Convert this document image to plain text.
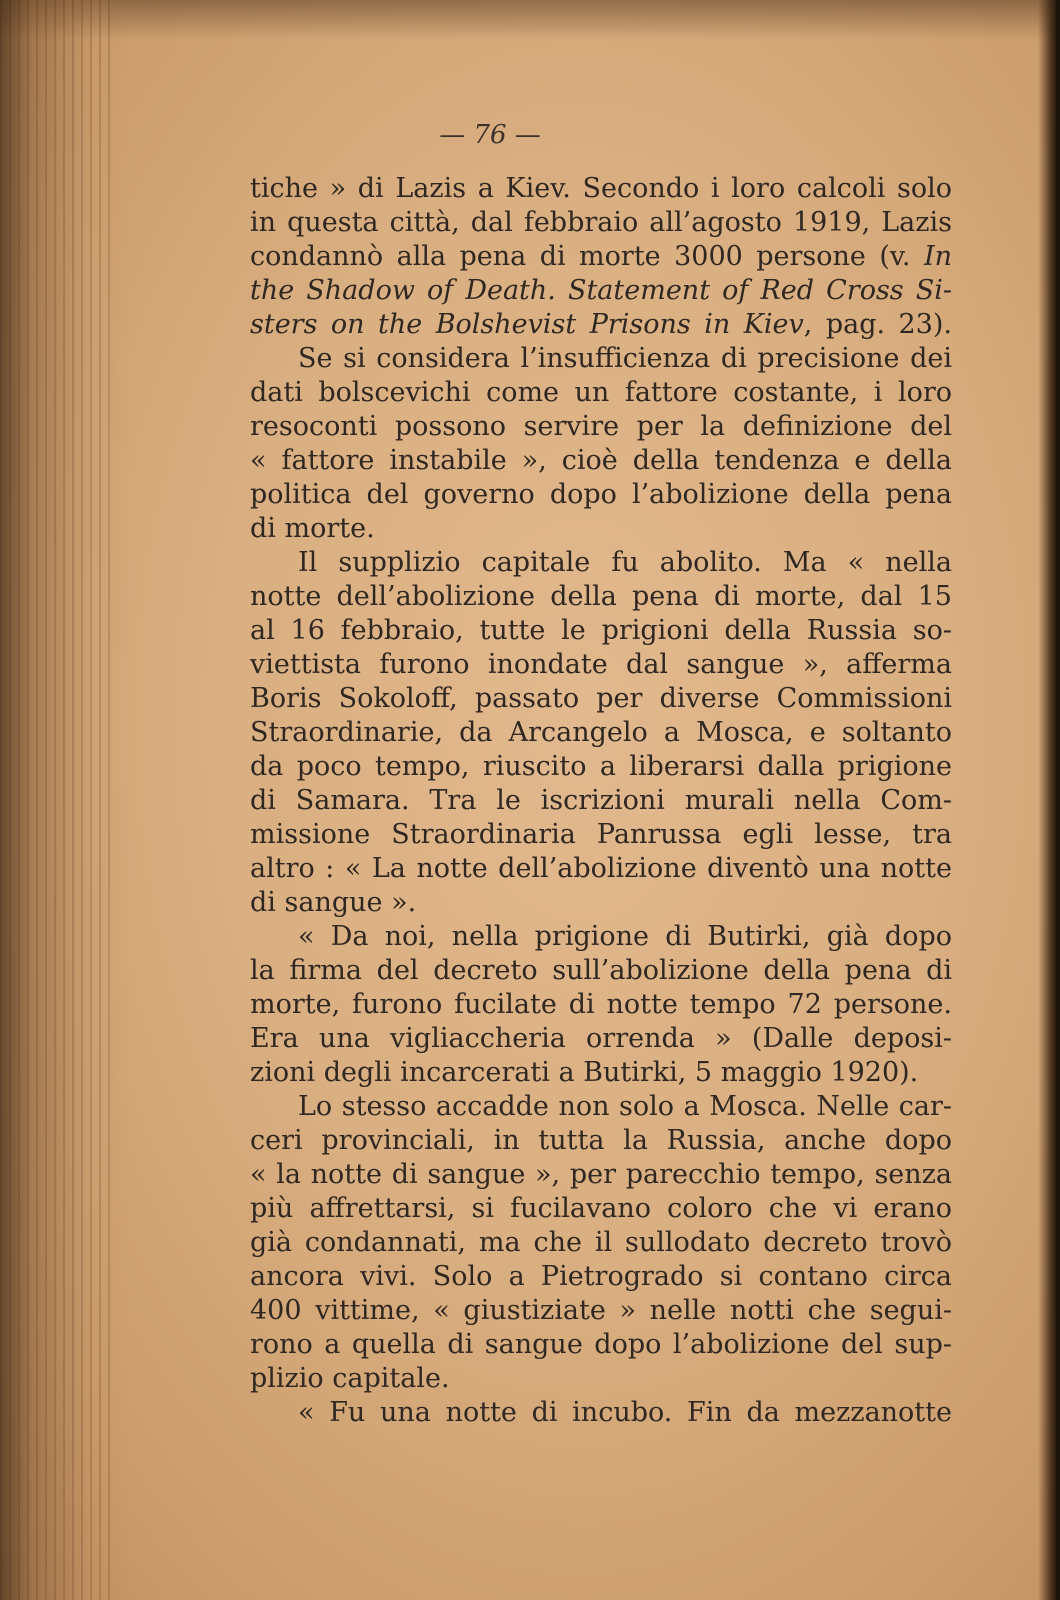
— 76 —
tiche » di Lazis a Kiev. Secondo i loro calcoli solo
in questa città, dal febbraio all’agosto 1919, Lazis
condannò alla pena di morte 3000 persone (v. In
the Shadow of Death. Statement of Red Cross Si-
sters on the Bolshevist Prisons in Kiev, pag. 23).
Se si considera l’insufficienza di precisione dei
dati bolscevichi come un fattore costante, i loro
resoconti possono servire per la definizione del
« fattore instabile », cioè della tendenza e della
politica del governo dopo l’abolizione della pena
di morte.
Il supplizio capitale fu abolito. Ma « nella
notte dell’abolizione della pena di morte, dal 15
al 16 febbraio, tutte le prigioni della Russia so-
viettista furono inondate dal sangue », afferma
Boris Sokoloff, passato per diverse Commissioni
Straordinarie, da Arcangelo a Mosca, e soltanto
da poco tempo, riuscito a liberarsi dalla prigione
di Samara. Tra le iscrizioni murali nella Com-
missione Straordinaria Panrussa egli lesse, tra
altro : « La notte dell’abolizione diventò una notte
di sangue ».
« Da noi, nella prigione di Butirki, già dopo
la firma del decreto sull’abolizione della pena di
morte, furono fucilate di notte tempo 72 persone.
Era una vigliaccheria orrenda » (Dalle deposi-
zioni degli incarcerati a Butirki, 5 maggio 1920).
Lo stesso accadde non solo a Mosca. Nelle car-
ceri provinciali, in tutta la Russia, anche dopo
« la notte di sangue », per parecchio tempo, senza
più affrettarsi, si fucilavano coloro che vi erano
già condannati, ma che il sullodato decreto trovò
ancora vivi. Solo a Pietrogrado si contano circa
400 vittime, « giustiziate » nelle notti che segui-
rono a quella di sangue dopo l’abolizione del sup-
plizio capitale.
« Fu una notte di incubo. Fin da mezzanotte
